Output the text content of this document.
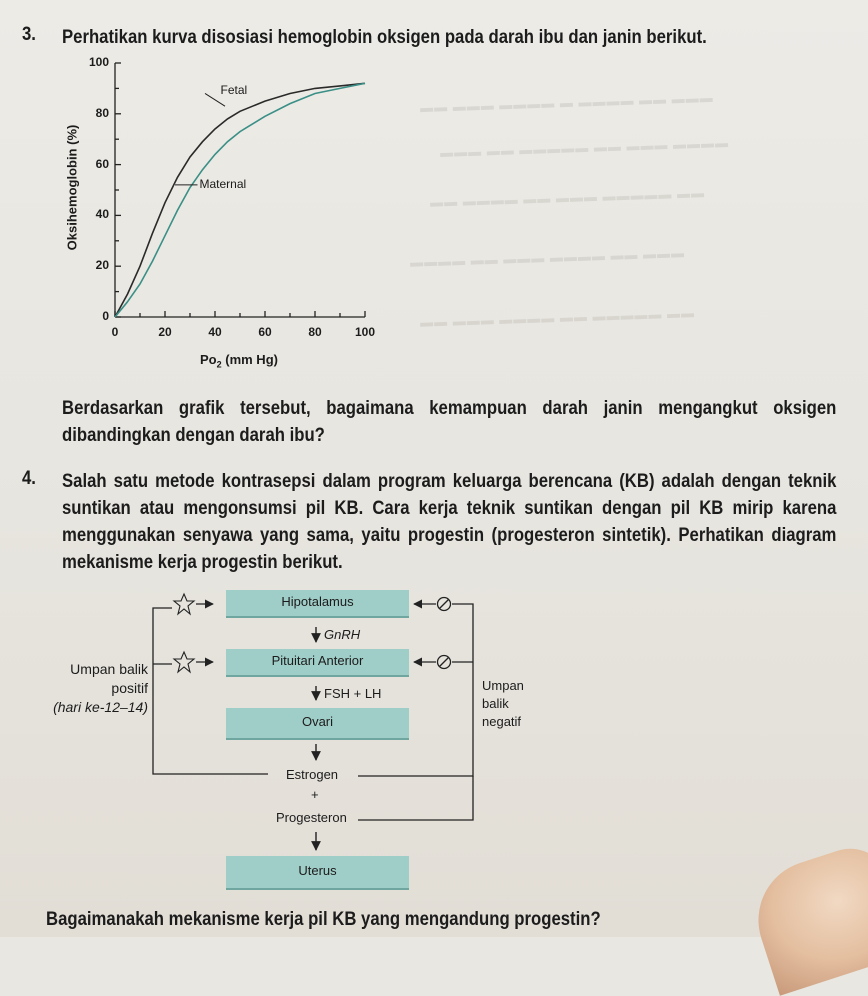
▬▬ ▬▬▬ ▬▬▬▬ ▬ ▬▬▬▬ ▬▬ ▬▬▬
▬▬▬ ▬▬ ▬▬▬▬▬ ▬▬ ▬▬▬ ▬▬▬▬
▬▬ ▬▬▬▬ ▬▬ ▬▬▬ ▬▬▬▬▬ ▬▬
▬▬▬▬ ▬▬ ▬▬▬ ▬▬▬▬ ▬▬ ▬▬▬
▬▬ ▬▬▬ ▬▬▬▬ ▬▬ ▬▬▬▬▬ ▬▬
3. Perhatikan kurva disosiasi hemoglobin oksigen pada darah ibu dan janin berikut.
0	20	40	60	80	100
0
20
40
60
80
100
Fetal
Maternal
$Po_2$ (mm Hg)
Oksihemoglobin (%)
Berdasarkan grafik tersebut, bagaimana kemampuan darah janin mengangkut oksigen dibandingkan dengan darah ibu?
4. Salah satu metode kontrasepsi dalam program keluarga berencana (KB) adalah dengan teknik suntikan atau mengonsumsi pil KB. Cara kerja teknik suntikan dengan pil KB mirip karena menggunakan senyawa yang sama, yaitu progestin (progesteron sintetik). Perhatikan diagram mekanisme kerja progestin berikut.
Hipotalamus
GnRH
Pituitari Anterior
FSH + LH
Ovari
Estrogen
+
Progesteron
Uterus
Umpan balik
positif
(hari ke-12–14)
Umpan
balik
negatif
Bagaimanakah mekanisme kerja pil KB yang mengandung progestin?
